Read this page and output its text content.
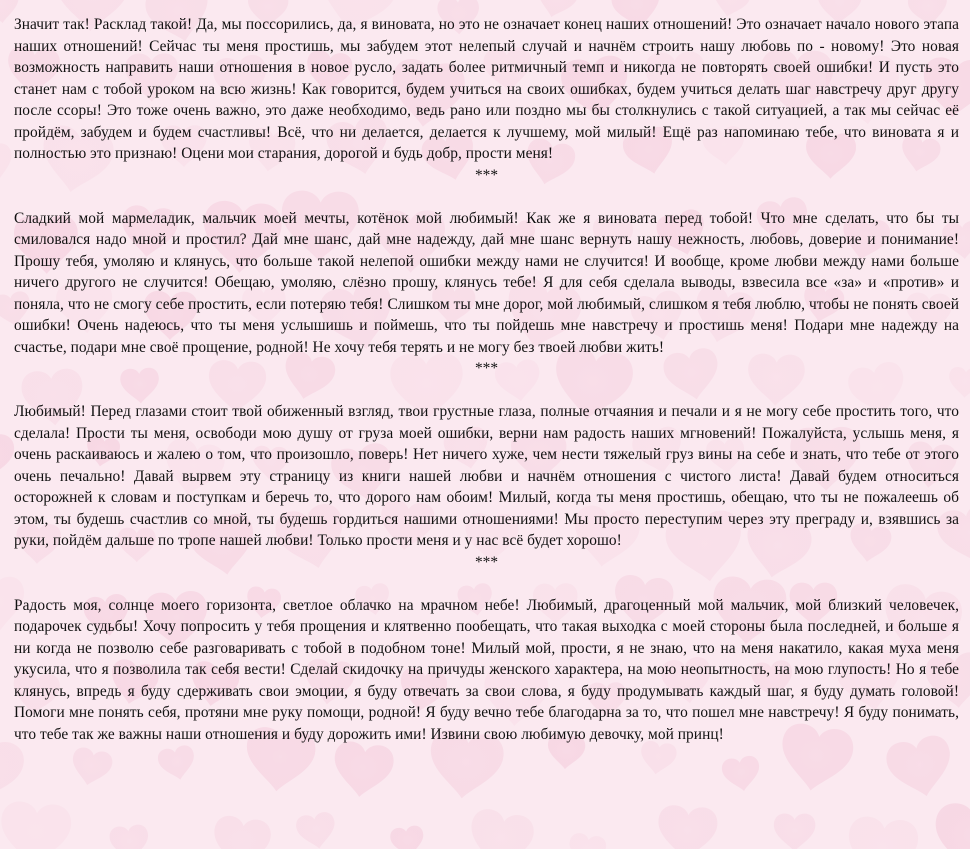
Значит так! Расклад такой! Да, мы поссорились, да, я виновата, но это не означает конец наших отношений! Это означает начало нового этапа наших отношений! Сейчас ты меня простишь, мы забудем этот нелепый случай и начнём строить нашу любовь по - новому! Это новая возможность направить наши отношения в новое русло, задать более ритмичный темп и никогда не повторять своей ошибки! И пусть это станет нам с тобой уроком на всю жизнь! Как говорится, будем учиться на своих ошибках, будем учиться делать шаг навстречу друг другу после ссоры! Это тоже очень важно, это даже необходимо, ведь рано или поздно мы бы столкнулись с такой ситуацией, а так мы сейчас её пройдём, забудем и будем счастливы! Всё, что ни делается, делается к лучшему, мой милый! Ещё раз напоминаю тебе, что виновата я и полностью это признаю! Оцени мои старания, дорогой и будь добр, прости меня!

***

Сладкий мой мармеладик, мальчик моей мечты, котёнок мой любимый! Как же я виновата перед тобой! Что мне сделать, что бы ты смиловался надо мной и простил? Дай мне шанс, дай мне надежду, дай мне шанс вернуть нашу нежность, любовь, доверие и понимание! Прошу тебя, умоляю и клянусь, что больше такой нелепой ошибки между нами не случится! И вообще, кроме любви между нами больше ничего другого не случится! Обещаю, умоляю, слёзно прошу, клянусь тебе! Я для себя сделала выводы, взвесила все «за» и «против» и поняла, что не смогу себе простить, если потеряю тебя! Слишком ты мне дорог, мой любимый, слишком я тебя люблю, чтобы не понять своей ошибки! Очень надеюсь, что ты меня услышишь и поймешь, что ты пойдешь мне навстречу и простишь меня! Подари мне надежду на счастье, подари мне своё прощение, родной! Не хочу тебя терять и не могу без твоей любви жить!

***

Любимый! Перед глазами стоит твой обиженный взгляд, твои грустные глаза, полные отчаяния и печали и я не могу себе простить того, что сделала! Прости ты меня, освободи мою душу от груза моей ошибки, верни нам радость наших мгновений! Пожалуйста, услышь меня, я очень раскаиваюсь и жалею о том, что произошло, поверь! Нет ничего хуже, чем нести тяжелый груз вины на себе и знать, что тебе от этого очень печально! Давай вырвем эту страницу из книги нашей любви и начнём отношения с чистого листа! Давай будем относиться осторожней к словам и поступкам и беречь то, что дорого нам обоим! Милый, когда ты меня простишь, обещаю, что ты не пожалеешь об этом, ты будешь счастлив со мной, ты будешь гордиться нашими отношениями! Мы просто переступим через эту преграду и, взявшись за руки, пойдём дальше по тропе нашей любви! Только прости меня и у нас всё будет хорошо!

***

Радость моя, солнце моего горизонта, светлое облачко на мрачном небе! Любимый, драгоценный мой мальчик, мой близкий человечек, подарочек судьбы! Хочу попросить у тебя прощения и клятвенно пообещать, что такая выходка с моей стороны была последней, и больше я ни когда не позволю себе разговаривать с тобой в подобном тоне! Милый мой, прости, я не знаю, что на меня накатило, какая муха меня укусила, что я позволила так себя вести! Сделай скидочку на причуды женского характера, на мою неопытность, на мою глупость! Но я тебе клянусь, впредь я буду сдерживать свои эмоции, я буду отвечать за свои слова, я буду продумывать каждый шаг, я буду думать головой! Помоги мне понять себя, протяни мне руку помощи, родной! Я буду вечно тебе благодарна за то, что пошел мне навстречу! Я буду понимать, что тебе так же важны наши отношения и буду дорожить ими! Извини свою любимую девочку, мой принц!
